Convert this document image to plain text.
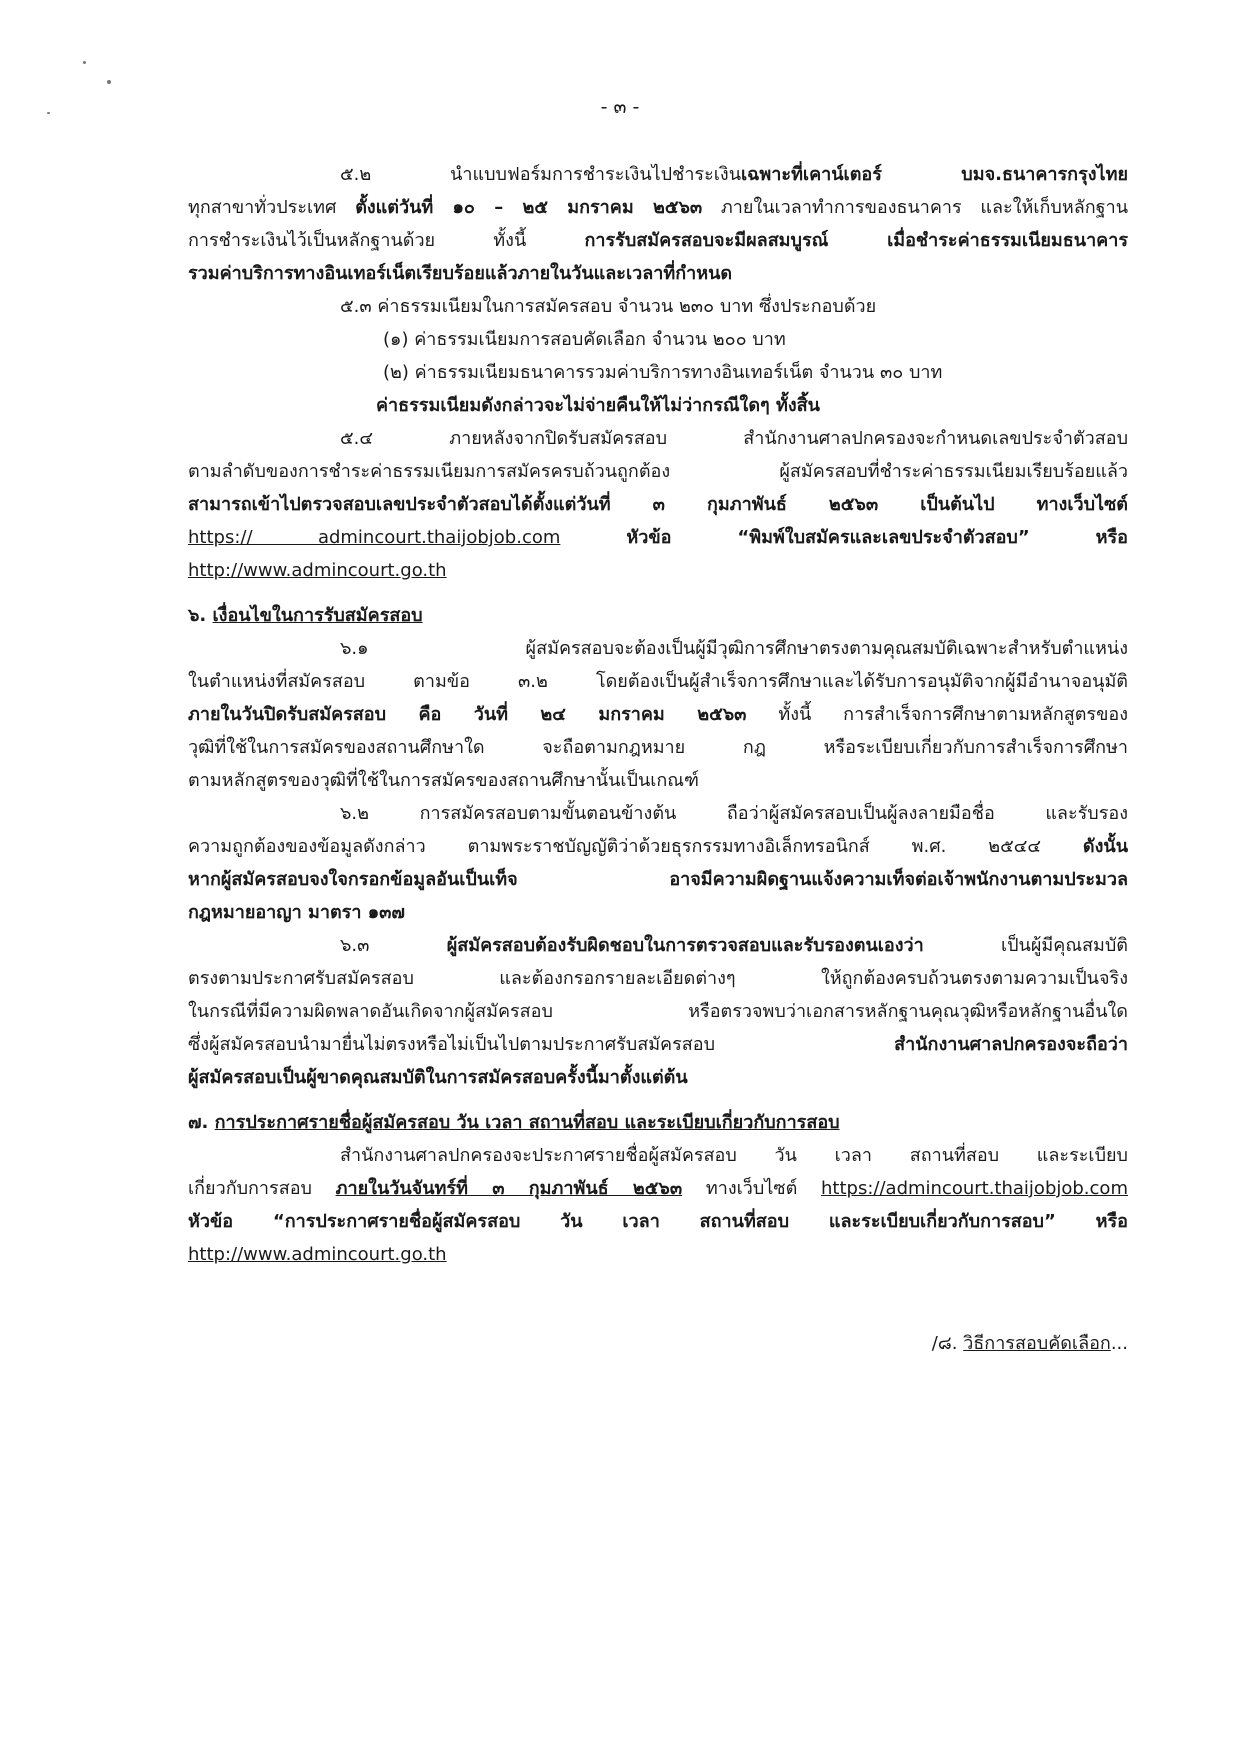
- ๓ -

๕.๒ นำแบบฟอร์มการชำระเงินไปชำระเงินเฉพาะที่เคาน์เตอร์ บมจ.ธนาคารกรุงไทย

ทุกสาขาทั่วประเทศ ตั้งแต่วันที่ ๑๐ – ๒๕ มกราคม ๒๕๖๓ ภายในเวลาทำการของธนาคาร และให้เก็บหลักฐาน

การชำระเงินไว้เป็นหลักฐานด้วย ทั้งนี้ การรับสมัครสอบจะมีผลสมบูรณ์ เมื่อชำระค่าธรรมเนียมธนาคาร

รวมค่าบริการทางอินเทอร์เน็ตเรียบร้อยแล้วภายในวันและเวลาที่กำหนด

๕.๓ ค่าธรรมเนียมในการสมัครสอบ จำนวน ๒๓๐ บาท ซึ่งประกอบด้วย

(๑) ค่าธรรมเนียมการสอบคัดเลือก จำนวน ๒๐๐ บาท

(๒) ค่าธรรมเนียมธนาคารรวมค่าบริการทางอินเทอร์เน็ต จำนวน ๓๐ บาท

ค่าธรรมเนียมดังกล่าวจะไม่จ่ายคืนให้ไม่ว่ากรณีใดๆ ทั้งสิ้น

๕.๔ ภายหลังจากปิดรับสมัครสอบ สำนักงานศาลปกครองจะกำหนดเลขประจำตัวสอบ

ตามลำดับของการชำระค่าธรรมเนียมการสมัครครบถ้วนถูกต้อง ผู้สมัครสอบที่ชำระค่าธรรมเนียมเรียบร้อยแล้ว

สามารถเข้าไปตรวจสอบเลขประจำตัวสอบได้ตั้งแต่วันที่ ๓ กุมภาพันธ์ ๒๕๖๓ เป็นต้นไป ทางเว็บไซต์

https:// admincourt.thaijobjob.com หัวข้อ “พิมพ์ใบสมัครและเลขประจำตัวสอบ” หรือ

http://www.admincourt.go.th

๖. เงื่อนไขในการรับสมัครสอบ

๖.๑ ผู้สมัครสอบจะต้องเป็นผู้มีวุฒิการศึกษาตรงตามคุณสมบัติเฉพาะสำหรับตำแหน่ง

ในตำแหน่งที่สมัครสอบ ตามข้อ ๓.๒ โดยต้องเป็นผู้สำเร็จการศึกษาและได้รับการอนุมัติจากผู้มีอำนาจอนุมัติ

ภายในวันปิดรับสมัครสอบ คือ วันที่ ๒๔ มกราคม ๒๕๖๓ ทั้งนี้ การสำเร็จการศึกษาตามหลักสูตรของ

วุฒิที่ใช้ในการสมัครของสถานศึกษาใด จะถือตามกฎหมาย กฎ หรือระเบียบเกี่ยวกับการสำเร็จการศึกษา

ตามหลักสูตรของวุฒิที่ใช้ในการสมัครของสถานศึกษานั้นเป็นเกณฑ์

๖.๒ การสมัครสอบตามขั้นตอนข้างต้น ถือว่าผู้สมัครสอบเป็นผู้ลงลายมือชื่อ และรับรอง

ความถูกต้องของข้อมูลดังกล่าว ตามพระราชบัญญัติว่าด้วยธุรกรรมทางอิเล็กทรอนิกส์ พ.ศ. ๒๕๔๔ ดังนั้น

หากผู้สมัครสอบจงใจกรอกข้อมูลอันเป็นเท็จ อาจมีความผิดฐานแจ้งความเท็จต่อเจ้าพนักงานตามประมวล

กฎหมายอาญา มาตรา ๑๓๗

๖.๓ ผู้สมัครสอบต้องรับผิดชอบในการตรวจสอบและรับรองตนเองว่า เป็นผู้มีคุณสมบัติ

ตรงตามประกาศรับสมัครสอบ และต้องกรอกรายละเอียดต่างๆ ให้ถูกต้องครบถ้วนตรงตามความเป็นจริง

ในกรณีที่มีความผิดพลาดอันเกิดจากผู้สมัครสอบ หรือตรวจพบว่าเอกสารหลักฐานคุณวุฒิหรือหลักฐานอื่นใด

ซึ่งผู้สมัครสอบนำมายื่นไม่ตรงหรือไม่เป็นไปตามประกาศรับสมัครสอบ สำนักงานศาลปกครองจะถือว่า

ผู้สมัครสอบเป็นผู้ขาดคุณสมบัติในการสมัครสอบครั้งนี้มาตั้งแต่ต้น

๗. การประกาศรายชื่อผู้สมัครสอบ วัน เวลา สถานที่สอบ และระเบียบเกี่ยวกับการสอบ

สำนักงานศาลปกครองจะประกาศรายชื่อผู้สมัครสอบ วัน เวลา สถานที่สอบ และระเบียบ

เกี่ยวกับการสอบ ภายในวันจันทร์ที่ ๓ กุมภาพันธ์ ๒๕๖๓ ทางเว็บไซต์ https://admincourt.thaijobjob.com

หัวข้อ “การประกาศรายชื่อผู้สมัครสอบ วัน เวลา สถานที่สอบ และระเบียบเกี่ยวกับการสอบ” หรือ

http://www.admincourt.go.th

/๘. วิธีการสอบคัดเลือก...
